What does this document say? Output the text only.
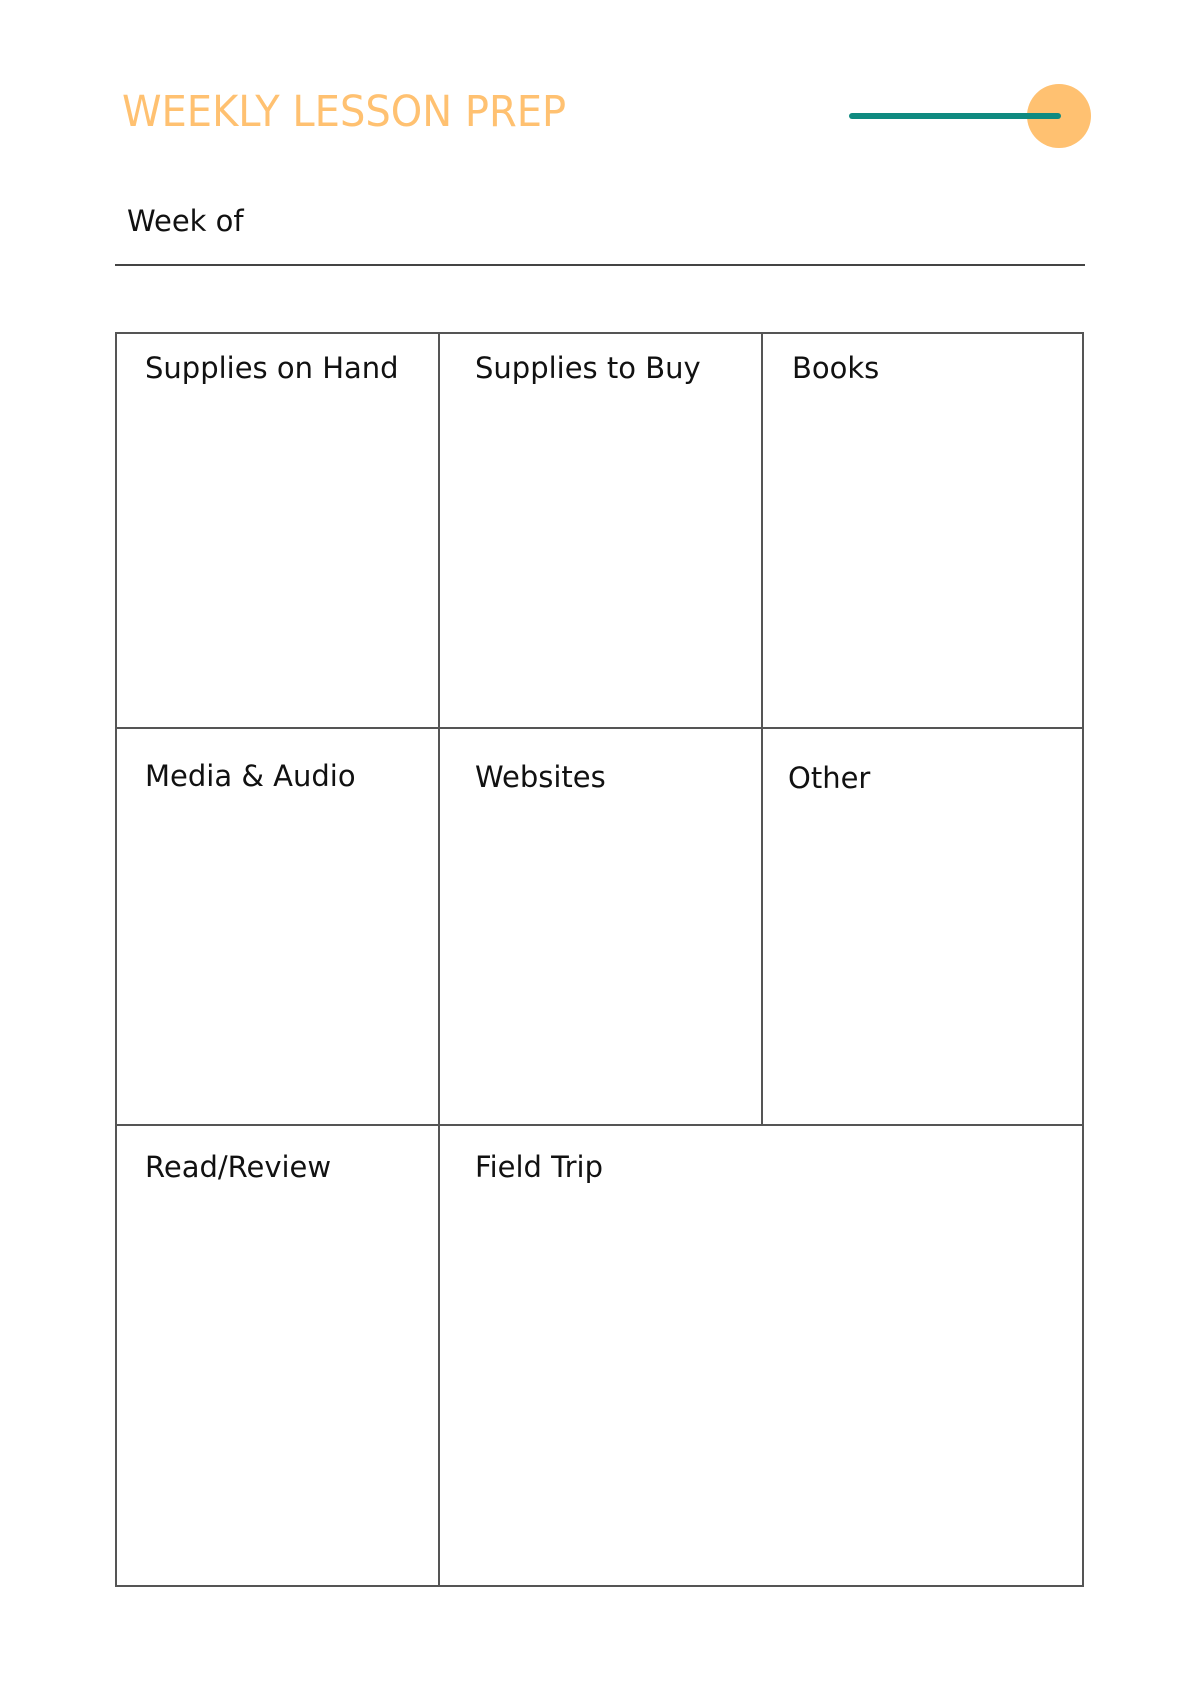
WEEKLY LESSON PREP
Week of
Supplies on Hand	Supplies to Buy	Books
Media & Audio	Websites	Other
Read/Review	Field Trip
